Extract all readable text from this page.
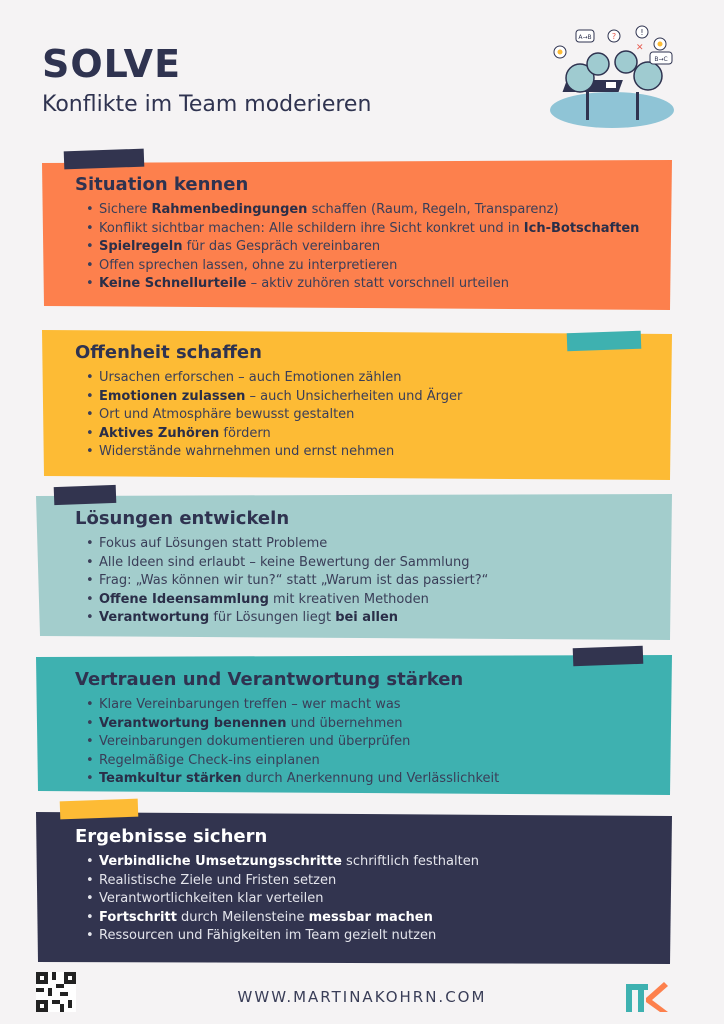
SOLVE

Konflikte im Team moderieren

A→B	?	!
B→C
✕
Situation kennen
• Sichere Rahmenbedingungen schaffen (Raum, Regeln, Transparenz)
• Konflikt sichtbar machen: Alle schildern ihre Sicht konkret und in Ich-Botschaften
• Spielregeln für das Gespräch vereinbaren
• Offen sprechen lassen, ohne zu interpretieren
• Keine Schnellurteile – aktiv zuhören statt vorschnell urteilen
Offenheit schaffen
• Ursachen erforschen – auch Emotionen zählen
• Emotionen zulassen – auch Unsicherheiten und Ärger
• Ort und Atmosphäre bewusst gestalten
• Aktives Zuhören fördern
• Widerstände wahrnehmen und ernst nehmen
Lösungen entwickeln
• Fokus auf Lösungen statt Probleme
• Alle Ideen sind erlaubt – keine Bewertung der Sammlung
• Frag: „Was können wir tun?“ statt „Warum ist das passiert?“
• Offene Ideensammlung mit kreativen Methoden
• Verantwortung für Lösungen liegt bei allen
Vertrauen und Verantwortung stärken
• Klare Vereinbarungen treffen – wer macht was
• Verantwortung benennen und übernehmen
• Vereinbarungen dokumentieren und überprüfen
• Regelmäßige Check-ins einplanen
• Teamkultur stärken durch Anerkennung und Verlässlichkeit
Ergebnisse sichern
• Verbindliche Umsetzungsschritte schriftlich festhalten
• Realistische Ziele und Fristen setzen
• Verantwortlichkeiten klar verteilen
• Fortschritt durch Meilensteine messbar machen
• Ressourcen und Fähigkeiten im Team gezielt nutzen
WWW.MARTINAKOHRN.COM
